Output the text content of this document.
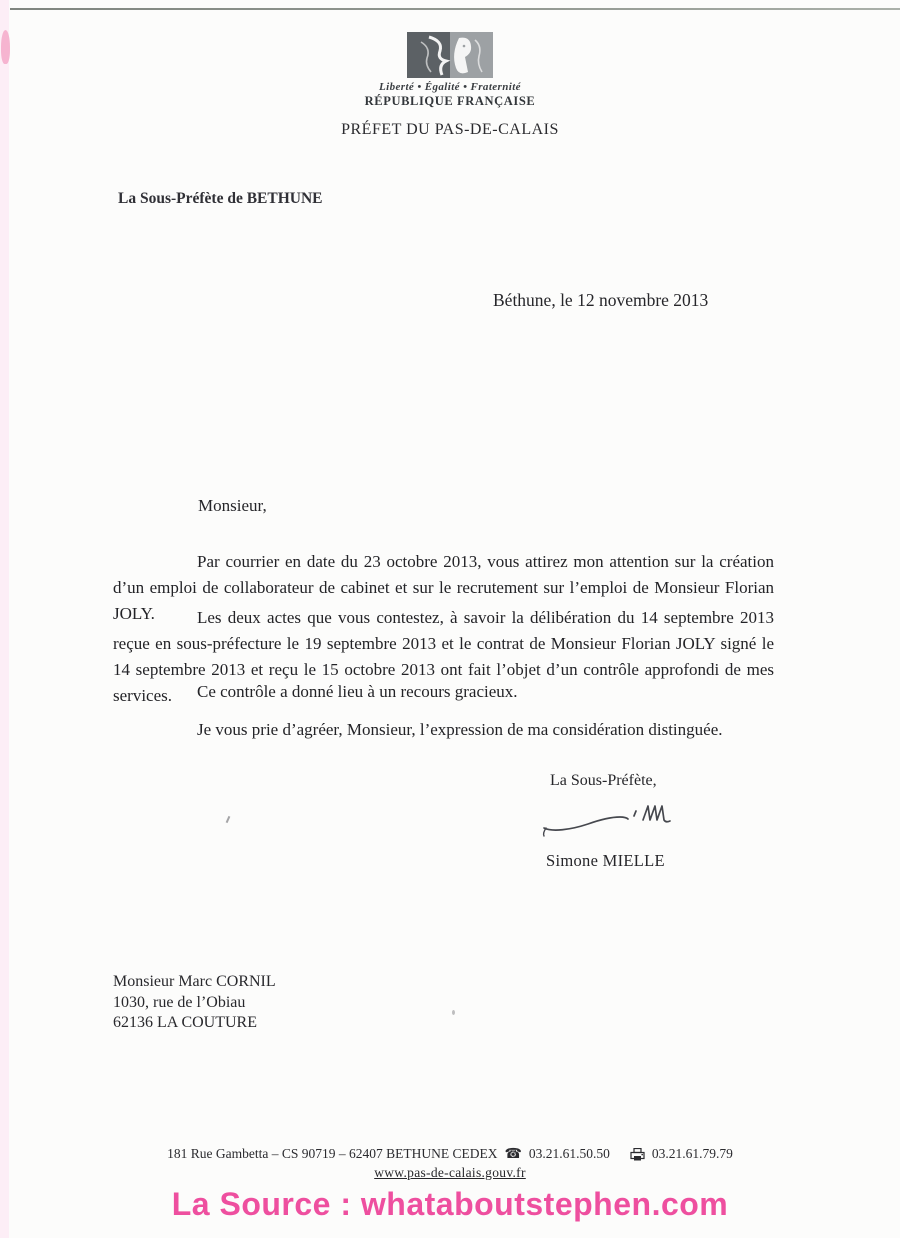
Liberté • Égalité • Fraternité
RÉPUBLIQUE FRANÇAISE
PRÉFET DU PAS-DE-CALAIS
La Sous-Préfète de BETHUNE
Béthune, le 12 novembre 2013
Monsieur,

Par courrier en date du 23 octobre 2013, vous attirez mon attention sur la création d’un emploi de collaborateur de cabinet et sur le recrutement sur l’emploi de Monsieur Florian JOLY.	Les deux actes que vous contestez, à savoir la délibération du 14 septembre 2013 reçue en sous-préfecture le 19 septembre 2013 et le contrat de Monsieur Florian JOLY signé le 14 septembre 2013 et reçu le 15 octobre 2013 ont fait l’objet d’un contrôle approfondi de mes services.	Ce contrôle a donné lieu à un recours gracieux.

Je vous prie d’agréer, Monsieur, l’expression de ma considération distinguée.

La Sous-Préfète,
Simone MIELLE
Monsieur Marc CORNIL
1030, rue de l’Obiau
62136 LA COUTURE
181 Rue Gambetta – CS 90719 – 62407 BETHUNE CEDEX ☎ 03.21.61.50.50	03.21.61.79.79
www.pas-de-calais.gouv.fr
La Source : whataboutstephen.com
